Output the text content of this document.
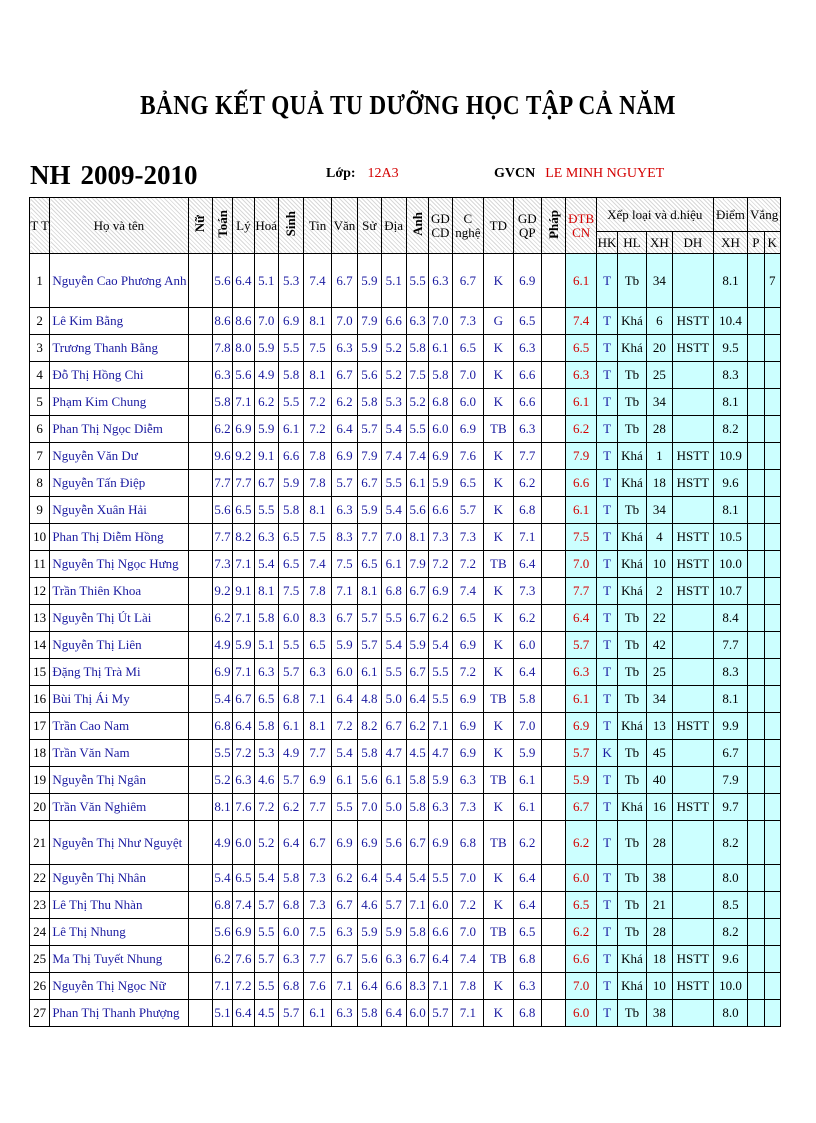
BẢNG KẾT QUẢ TU DƯỠNG HỌC TẬP CẢ NĂM
NH 2009-2010	Lớp: 12A3	GVCN LE MINH NGUYET
T T	Họ và tên	Nữ	Toán	Lý	Hoá	Sinh	Tin	Văn	Sử	Địa	Anh	GD CD	C nghệ	TD	GD QP	Pháp	ĐTB CN	Xếp loại và d.hiệu				Điểm	Vắng	
																		HK	HL	XH	DH	XH	P	K
1	Nguyễn Cao Phương Anh		5.6	6.4	5.1	5.3	7.4	6.7	5.9	5.1	5.5	6.3	6.7	K	6.9		6.1	T	Tb	34		8.1		7
2	Lê Kim Bằng		8.6	8.6	7.0	6.9	8.1	7.0	7.9	6.6	6.3	7.0	7.3	G	6.5		7.4	T	Khá	6	HSTT	10.4		
3	Trương Thanh Bằng		7.8	8.0	5.9	5.5	7.5	6.3	5.9	5.2	5.8	6.1	6.5	K	6.3		6.5	T	Khá	20	HSTT	9.5		
4	Đỗ Thị Hồng Chi		6.3	5.6	4.9	5.8	8.1	6.7	5.6	5.2	7.5	5.8	7.0	K	6.6		6.3	T	Tb	25		8.3		
5	Phạm Kim Chung		5.8	7.1	6.2	5.5	7.2	6.2	5.8	5.3	5.2	6.8	6.0	K	6.6		6.1	T	Tb	34		8.1		
6	Phan Thị Ngọc Diễm		6.2	6.9	5.9	6.1	7.2	6.4	5.7	5.4	5.5	6.0	6.9	TB	6.3		6.2	T	Tb	28		8.2		
7	Nguyễn Văn Dư		9.6	9.2	9.1	6.6	7.8	6.9	7.9	7.4	7.4	6.9	7.6	K	7.7		7.9	T	Khá	1	HSTT	10.9		
8	Nguyễn Tấn Điệp		7.7	7.7	6.7	5.9	7.8	5.7	6.7	5.5	6.1	5.9	6.5	K	6.2		6.6	T	Khá	18	HSTT	9.6		
9	Nguyễn Xuân Hải		5.6	6.5	5.5	5.8	8.1	6.3	5.9	5.4	5.6	6.6	5.7	K	6.8		6.1	T	Tb	34		8.1		
10	Phan Thị Diễm Hồng		7.7	8.2	6.3	6.5	7.5	8.3	7.7	7.0	8.1	7.3	7.3	K	7.1		7.5	T	Khá	4	HSTT	10.5		
11	Nguyễn Thị Ngọc Hưng		7.3	7.1	5.4	6.5	7.4	7.5	6.5	6.1	7.9	7.2	7.2	TB	6.4		7.0	T	Khá	10	HSTT	10.0		
12	Trần Thiên Khoa		9.2	9.1	8.1	7.5	7.8	7.1	8.1	6.8	6.7	6.9	7.4	K	7.3		7.7	T	Khá	2	HSTT	10.7		
13	Nguyễn Thị Út Lài		6.2	7.1	5.8	6.0	8.3	6.7	5.7	5.5	6.7	6.2	6.5	K	6.2		6.4	T	Tb	22		8.4		
14	Nguyễn Thị Liên		4.9	5.9	5.1	5.5	6.5	5.9	5.7	5.4	5.9	5.4	6.9	K	6.0		5.7	T	Tb	42		7.7		
15	Đặng Thị Trà Mi		6.9	7.1	6.3	5.7	6.3	6.0	6.1	5.5	6.7	5.5	7.2	K	6.4		6.3	T	Tb	25		8.3		
16	Bùi Thị Ái My		5.4	6.7	6.5	6.8	7.1	6.4	4.8	5.0	6.4	5.5	6.9	TB	5.8		6.1	T	Tb	34		8.1		
17	Trần Cao Nam		6.8	6.4	5.8	6.1	8.1	7.2	8.2	6.7	6.2	7.1	6.9	K	7.0		6.9	T	Khá	13	HSTT	9.9		
18	Trần Văn Nam		5.5	7.2	5.3	4.9	7.7	5.4	5.8	4.7	4.5	4.7	6.9	K	5.9		5.7	K	Tb	45		6.7		
19	Nguyễn Thị Ngân		5.2	6.3	4.6	5.7	6.9	6.1	5.6	6.1	5.8	5.9	6.3	TB	6.1		5.9	T	Tb	40		7.9		
20	Trần Văn Nghiêm		8.1	7.6	7.2	6.2	7.7	5.5	7.0	5.0	5.8	6.3	7.3	K	6.1		6.7	T	Khá	16	HSTT	9.7		
21	Nguyễn Thị Như Nguyệt		4.9	6.0	5.2	6.4	6.7	6.9	6.9	5.6	6.7	6.9	6.8	TB	6.2		6.2	T	Tb	28		8.2		
22	Nguyễn Thị Nhân		5.4	6.5	5.4	5.8	7.3	6.2	6.4	5.4	5.4	5.5	7.0	K	6.4		6.0	T	Tb	38		8.0		
23	Lê Thị Thu Nhàn		6.8	7.4	5.7	6.8	7.3	6.7	4.6	5.7	7.1	6.0	7.2	K	6.4		6.5	T	Tb	21		8.5		
24	Lê Thị Nhung		5.6	6.9	5.5	6.0	7.5	6.3	5.9	5.9	5.8	6.6	7.0	TB	6.5		6.2	T	Tb	28		8.2		
25	Ma Thị Tuyết Nhung		6.2	7.6	5.7	6.3	7.7	6.7	5.6	6.3	6.7	6.4	7.4	TB	6.8		6.6	T	Khá	18	HSTT	9.6		
26	Nguyễn Thị Ngọc Nữ		7.1	7.2	5.5	6.8	7.6	7.1	6.4	6.6	8.3	7.1	7.8	K	6.3		7.0	T	Khá	10	HSTT	10.0		
27	Phan Thị Thanh Phượng		5.1	6.4	4.5	5.7	6.1	6.3	5.8	6.4	6.0	5.7	7.1	K	6.8		6.0	T	Tb	38		8.0		
